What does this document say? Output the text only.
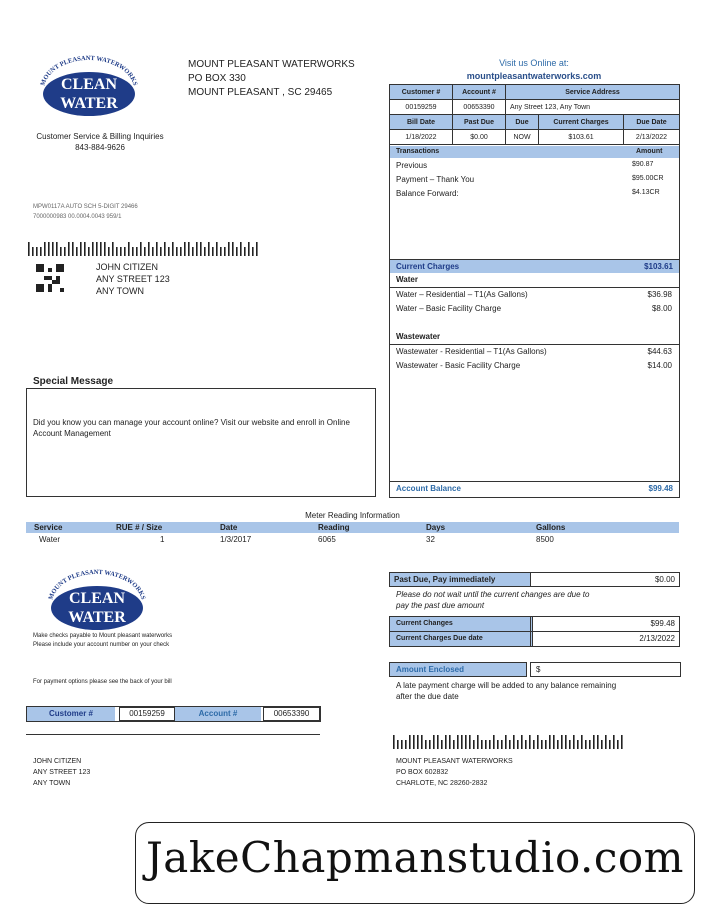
MOUNT PLEASANT WATERWORKS
CLEAN
WATER
MOUNT PLEASANT WATERWORKS
PO BOX 330
MOUNT PLEASANT , SC 29465
Visit us Online at:
mountpleasantwaterworks.com
Customer Service & Billing Inquiries
843-884-9626
MPW0117A AUTO SCH 5-DIGIT 29466
7000000983 00.0004.0043 959/1
JOHN CITIZEN
ANY STREET 123
ANY TOWN
Special Message
Did you know you can manage your account online? Visit our website and enroll in Online Account Management
Customer #	Account #	Service Address		
00159259	00653390	Any Street 123, Any Town		
Bill Date	Past Due	Due	Current Charges	Due Date
1/18/2022	$0.00	NOW	$103.61	2/13/2022
Transactions	Amount
Previous	$90.87
Payment – Thank You	$95.00CR
Balance Forward:	$4.13CR
Current Charges	$103.61
Water
Water – Residential – T1(As Gallons)	$36.98
Water – Basic Facility Charge	$8.00
Wastewater
Wastewater - Residential – T1(As Gallons)	$44.63
Wastewater - Basic Facility Charge	$14.00
Account Balance	$99.48
Meter Reading Information
Service	RUE # / Size	Date	Reading	Days	Gallons
Water	1	1/3/2017	6065	32	8500
MOUNT PLEASANT WATERWORKS
CLEAN
WATER
Make checks payable to Mount pleasant waterworks
Please include your account number on your check
For payment options please see the back of your bill
Customer #	00159259	Account #	00653390
JOHN CITIZEN
ANY STREET 123
ANY TOWN
Past Due, Pay immediately	$0.00
Please do not wait until the current changes are due to
pay the past due amount
Current Changes	$99.48
Current Charges Due date	2/13/2022
Amount Enclosed	$
A late payment charge will be added to any balance remaining
after the due date
MOUNT PLEASANT WATERWORKS
PO BOX 602832
CHARLOTE, NC 28260-2832
JakeChapmanstudio.com
